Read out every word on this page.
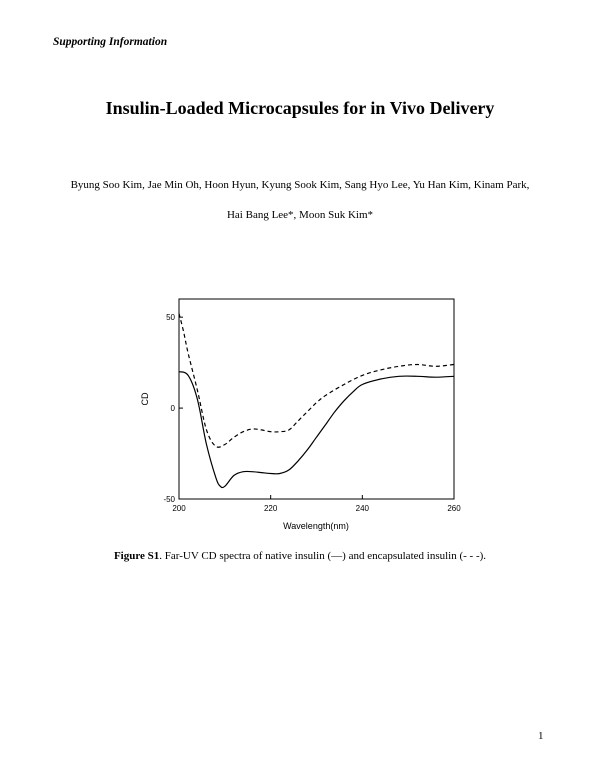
Supporting Information
Insulin-Loaded Microcapsules for in Vivo Delivery
Byung Soo Kim, Jae Min Oh, Hoon Hyun, Kyung Sook Kim, Sang Hyo Lee, Yu Han Kim, Kinam Park,
Hai Bang Lee*, Moon Suk Kim*
200	220	240	260
-50
0
50
CD
Wavelength(nm)
Figure S1. Far-UV CD spectra of native insulin (—) and encapsulated insulin (- - -).
1
